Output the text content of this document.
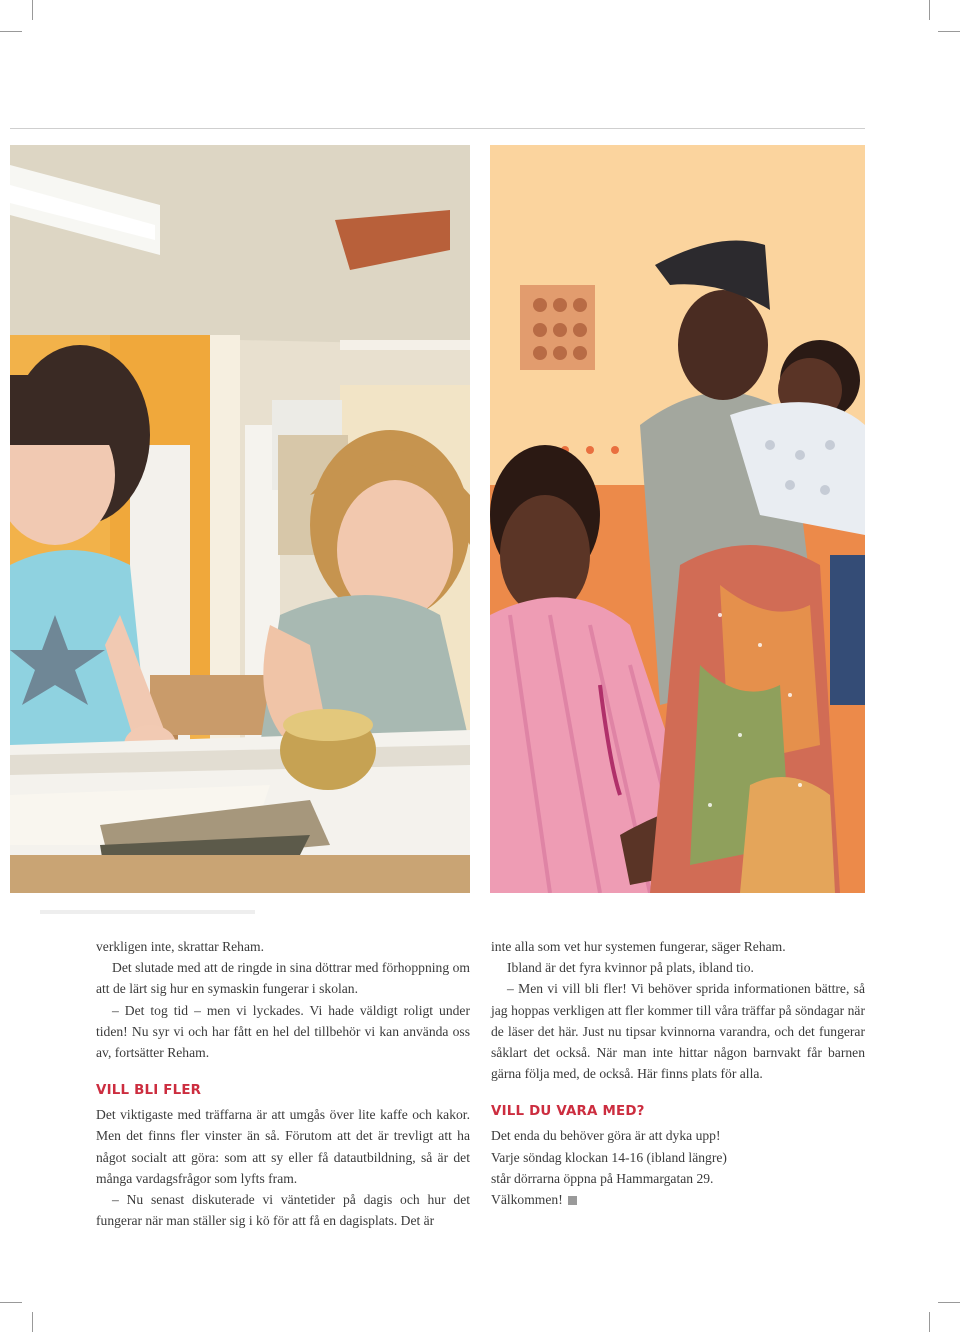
verkligen inte, skrattar Reham.

Det slutade med att de ringde in sina döttrar med förhoppning om att de lärt sig hur en symaskin fungerar i skolan.

– Det tog tid – men vi lyckades. Vi hade väldigt roligt under tiden! Nu syr vi och har fått en hel del tillbehör vi kan använda oss av, fortsätter Reham.

VILL BLI FLER

Det viktigaste med träffarna är att umgås över lite kaffe och kakor. Men det finns fler vinster än så. Förutom att det är trevligt att ha något socialt att göra: som att sy eller få datautbildning, så är det många vardagsfrågor som lyfts fram.

– Nu senast diskuterade vi väntetider på dagis och hur det fungerar när man ställer sig i kö för att få en dagisplats. Det är

inte alla som vet hur systemen fungerar, säger Reham.

Ibland är det fyra kvinnor på plats, ibland tio.

– Men vi vill bli fler! Vi behöver sprida informationen bättre, så jag hoppas verkligen att fler kommer till våra träffar på söndagar när de läser det här. Just nu tipsar kvinnorna varandra, och det fungerar såklart det också. När man inte hittar någon barnvakt får barnen gärna följa med, de också. Här finns plats för alla.

VILL DU VARA MED?

Det enda du behöver göra är att dyka upp!

Varje söndag klockan 14-16 (ibland längre)

står dörrarna öppna på Hammargatan 29.

Välkommen!
